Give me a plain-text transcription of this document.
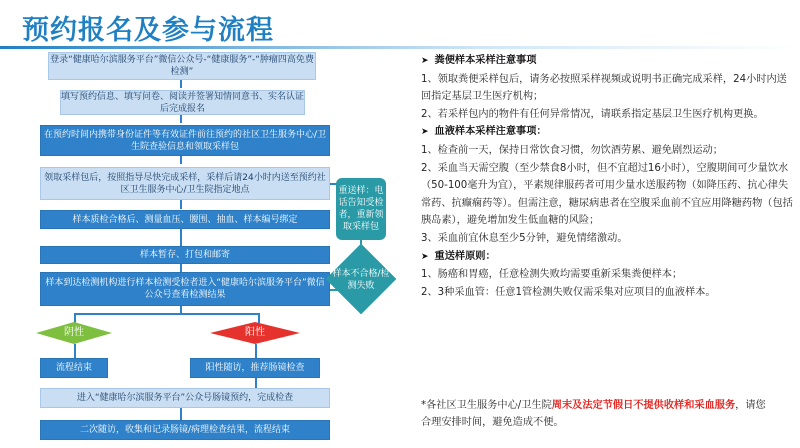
预约报名及参与流程
登录“健康哈尔滨服务平台”微信公众号-“健康服务”-“肿瘤四高免费检测”
填写预约信息、填写问卷、阅读并签署知情同意书、实名认证后完成报名
在预约时间内携带身份证件等有效证件前往预约的社区卫生服务中心/卫生院查验信息和领取采样包
领取采样包后，按照指导尽快完成采样，采样后请24小时内送至预约社区卫生服务中心/卫生院指定地点
样本质检合格后、测量血压、腰围、抽血、样本编号绑定
样本暂存、打包和邮寄
样本到达检测机构进行样本检测受检者进入“健康哈尔滨服务平台”微信公众号查看检测结果
重送样：电话告知受检者，重新领取采样包
样本不合格/检测失败
阴性	阳性
流程结束	阳性随访，推荐肠镜检查
进入“健康哈尔滨服务平台”公众号肠镜预约，完成检查
二次随访，收集和记录肠镜/病理检查结果，流程结束

➤ 粪便样本采样注意事项

1、领取粪便采样包后，请务必按照采样视频或说明书正确完成采样，24小时内送回指定基层卫生医疗机构；

2、若采样包内的物件有任何异常情况，请联系指定基层卫生医疗机构更换。

➤ 血液样本采样注意事项：

1、检查前一天，保持日常饮食习惯，勿饮酒劳累、避免剧烈运动；

2、采血当天需空腹（至少禁食8小时，但不宜超过16小时），空腹期间可少量饮水（50-100毫升为宜），平素规律服药者可用少量水送服药物（如降压药、抗心律失常药、抗癫痫药等）。但需注意，糖尿病患者在空腹采血前不宜应用降糖药物（包括胰岛素），避免增加发生低血糖的风险；

3、采血前宜休息至少5分钟，避免情绪激动。

➤ 重送样原则：

1、肠癌和胃癌，任意检测失败均需要重新采集粪便样本；

2、3种采血管：任意1管检测失败仅需采集对应项目的血液样本。

*各社区卫生服务中心/卫生院周末及法定节假日不提供收样和采血服务，请您合理安排时间，避免造成不便。
